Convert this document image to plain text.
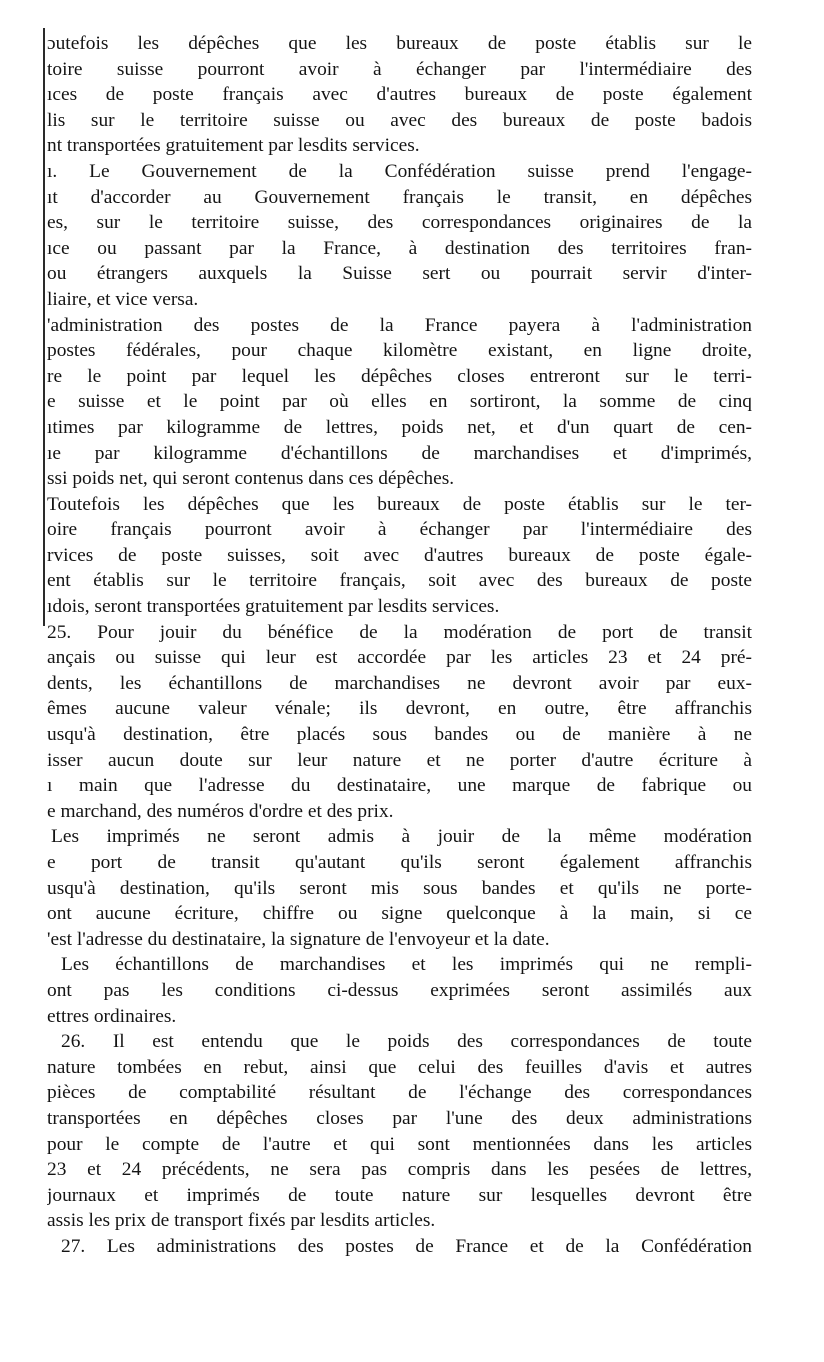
ɔutefois les dépêches que les bureaux de poste établis sur le
toire suisse pourront avoir à échanger par l'intermédiaire des
ıces de poste français avec d'autres bureaux de poste également
lis sur le territoire suisse ou avec des bureaux de poste badois
nt transportées gratuitement par lesdits services.
ı. Le Gouvernement de la Confédération suisse prend l'engage-
ıt d'accorder au Gouvernement français le transit, en dépêches
es, sur le territoire suisse, des correspondances originaires de la
ıce ou passant par la France, à destination des territoires fran-
ou étrangers auxquels la Suisse sert ou pourrait servir d'inter-
liaire, et vice versa.
'administration des postes de la France payera à l'administration
postes fédérales, pour chaque kilomètre existant, en ligne droite,
re le point par lequel les dépêches closes entreront sur le terri-
e suisse et le point par où elles en sortiront, la somme de cinq
ıtimes par kilogramme de lettres, poids net, et d'un quart de cen-
ıe par kilogramme d'échantillons de marchandises et d'imprimés,
ssi poids net, qui seront contenus dans ces dépêches.
Toutefois les dépêches que les bureaux de poste établis sur le ter-
oire français pourront avoir à échanger par l'intermédiaire des
rvices de poste suisses, soit avec d'autres bureaux de poste égale-
ent établis sur le territoire français, soit avec des bureaux de poste
ıdois, seront transportées gratuitement par lesdits services.
25. Pour jouir du bénéfice de la modération de port de transit
ançais ou suisse qui leur est accordée par les articles 23 et 24 pré-
dents, les échantillons de marchandises ne devront avoir par eux-
êmes aucune valeur vénale; ils devront, en outre, être affranchis
usqu'à destination, être placés sous bandes ou de manière à ne
isser aucun doute sur leur nature et ne porter d'autre écriture à
ı main que l'adresse du destinataire, une marque de fabrique ou
e marchand, des numéros d'ordre et des prix.
Les imprimés ne seront admis à jouir de la même modération
e port de transit qu'autant qu'ils seront également affranchis
usqu'à destination, qu'ils seront mis sous bandes et qu'ils ne porte-
ont aucune écriture, chiffre ou signe quelconque à la main, si ce
'est l'adresse du destinataire, la signature de l'envoyeur et la date.
Les échantillons de marchandises et les imprimés qui ne rempli-
ont pas les conditions ci-dessus exprimées seront assimilés aux
ettres ordinaires.
26. Il est entendu que le poids des correspondances de toute
nature tombées en rebut, ainsi que celui des feuilles d'avis et autres
pièces de comptabilité résultant de l'échange des correspondances
transportées en dépêches closes par l'une des deux administrations
pour le compte de l'autre et qui sont mentionnées dans les articles
23 et 24 précédents, ne sera pas compris dans les pesées de lettres,
journaux et imprimés de toute nature sur lesquelles devront être
assis les prix de transport fixés par lesdits articles.
27. Les administrations des postes de France et de la Confédération
